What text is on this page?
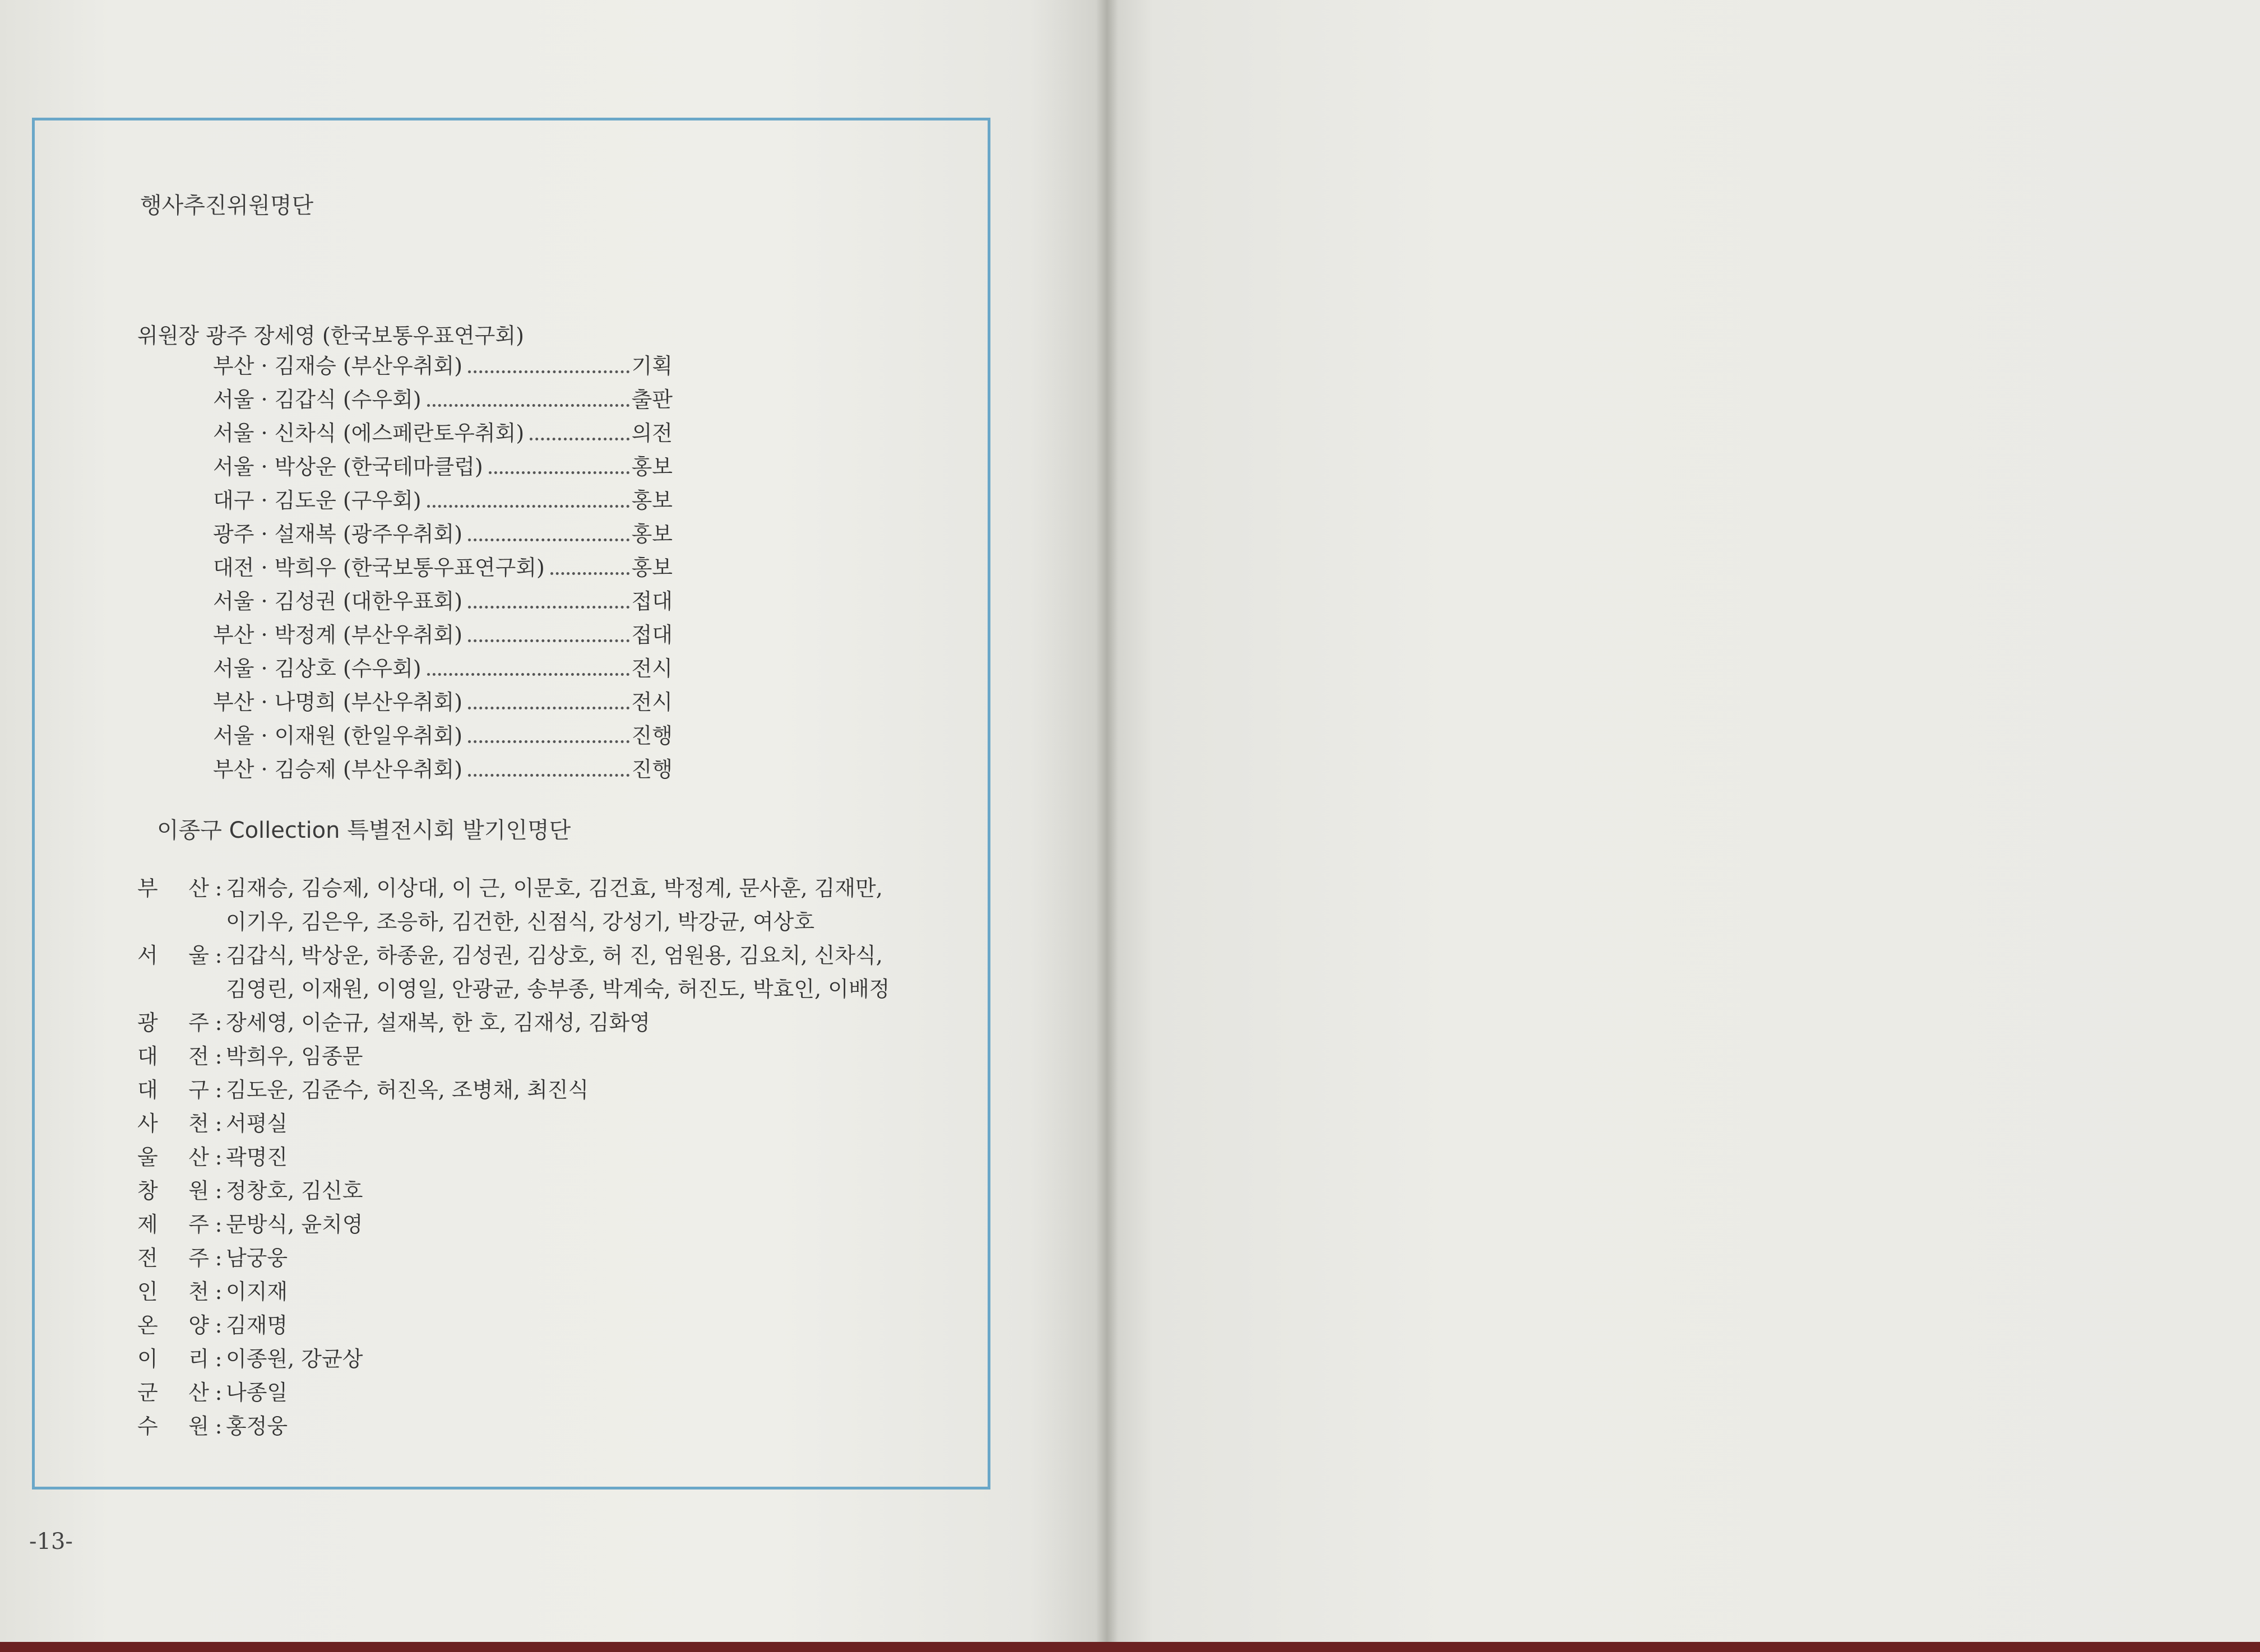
행사추진위원명단
위원장 광주 장세영 (한국보통우표연구회)
부산 · 김재승 (부산우취회)	기획
서울 · 김갑식 (수우회)	출판
서울 · 신차식 (에스페란토우취회)	의전
서울 · 박상운 (한국테마클럽)	홍보
대구 · 김도운 (구우회)	홍보
광주 · 설재복 (광주우취회)	홍보
대전 · 박희우 (한국보통우표연구회)	홍보
서울 · 김성권 (대한우표회)	접대
부산 · 박정계 (부산우취회)	접대
서울 · 김상호 (수우회)	전시
부산 · 나명희 (부산우취회)	전시
서울 · 이재원 (한일우취회)	진행
부산 · 김승제 (부산우취회)	진행
이종구 Collection 특별전시회 발기인명단
부 산 : 김재승, 김승제, 이상대, 이 근, 이문호, 김건효, 박정계, 문사훈, 김재만,
이기우, 김은우, 조응하, 김건한, 신점식, 강성기, 박강균, 여상호
서 울 : 김갑식, 박상운, 하종윤, 김성권, 김상호, 허 진, 엄원용, 김요치, 신차식,
김영린, 이재원, 이영일, 안광균, 송부종, 박계숙, 허진도, 박효인, 이배정
광 주 : 장세영, 이순규, 설재복, 한 호, 김재성, 김화영
대 전 : 박희우, 임종문
대 구 : 김도운, 김준수, 허진옥, 조병채, 최진식
사 천 : 서평실
울 산 : 곽명진
창 원 : 정창호, 김신호
제 주 : 문방식, 윤치영
전 주 : 남궁웅
인 천 : 이지재
온 양 : 김재명
이 리 : 이종원, 강균상
군 산 : 나종일
수 원 : 홍정웅
-13-
